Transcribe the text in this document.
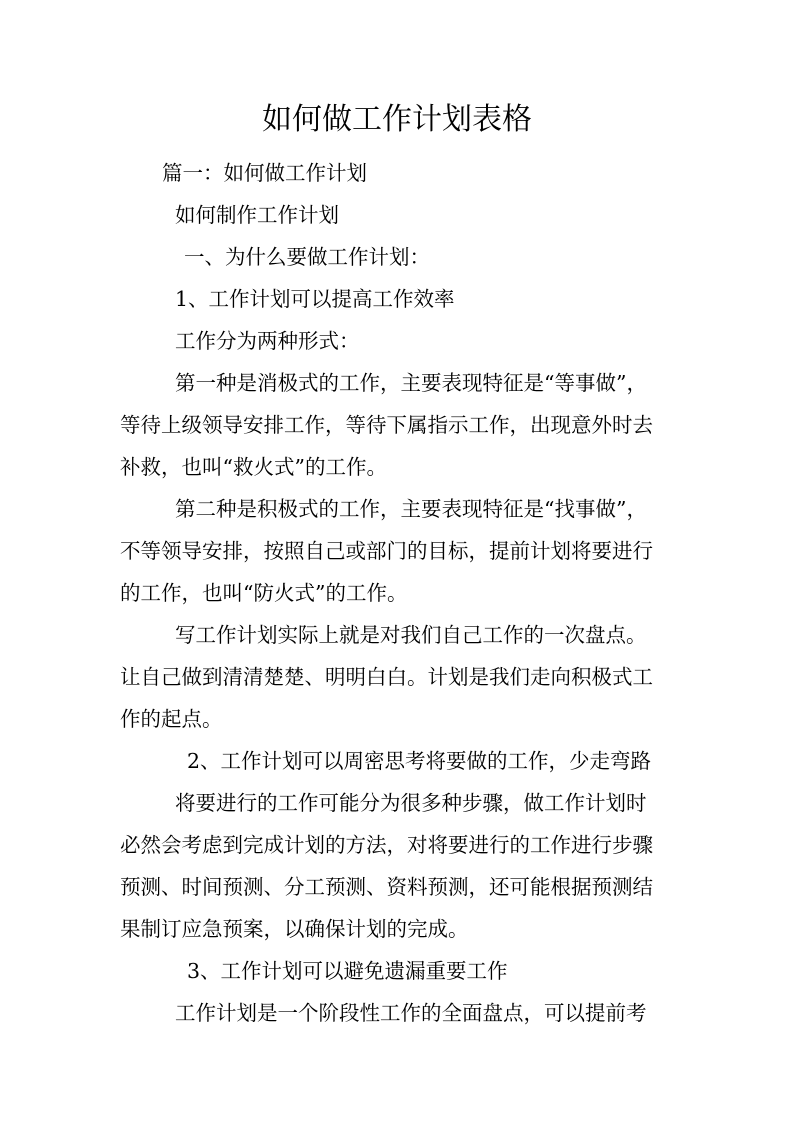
如何做工作计划表格

篇一：如何做工作计划

如何制作工作计划

一、为什么要做工作计划：

1、工作计划可以提高工作效率

工作分为两种形式：

第一种是消极式的工作，主要表现特征是“等事做”，

等待上级领导安排工作，等待下属指示工作，出现意外时去

补救，也叫“救火式”的工作。

第二种是积极式的工作，主要表现特征是“找事做”，

不等领导安排，按照自己或部门的目标，提前计划将要进行

的工作，也叫“防火式”的工作。

写工作计划实际上就是对我们自己工作的一次盘点。

让自己做到清清楚楚、明明白白。计划是我们走向积极式工

作的起点。

2、工作计划可以周密思考将要做的工作，少走弯路

将要进行的工作可能分为很多种步骤，做工作计划时

必然会考虑到完成计划的方法，对将要进行的工作进行步骤

预测、时间预测、分工预测、资料预测，还可能根据预测结

果制订应急预案，以确保计划的完成。

3、工作计划可以避免遗漏重要工作

工作计划是一个阶段性工作的全面盘点，可以提前考
